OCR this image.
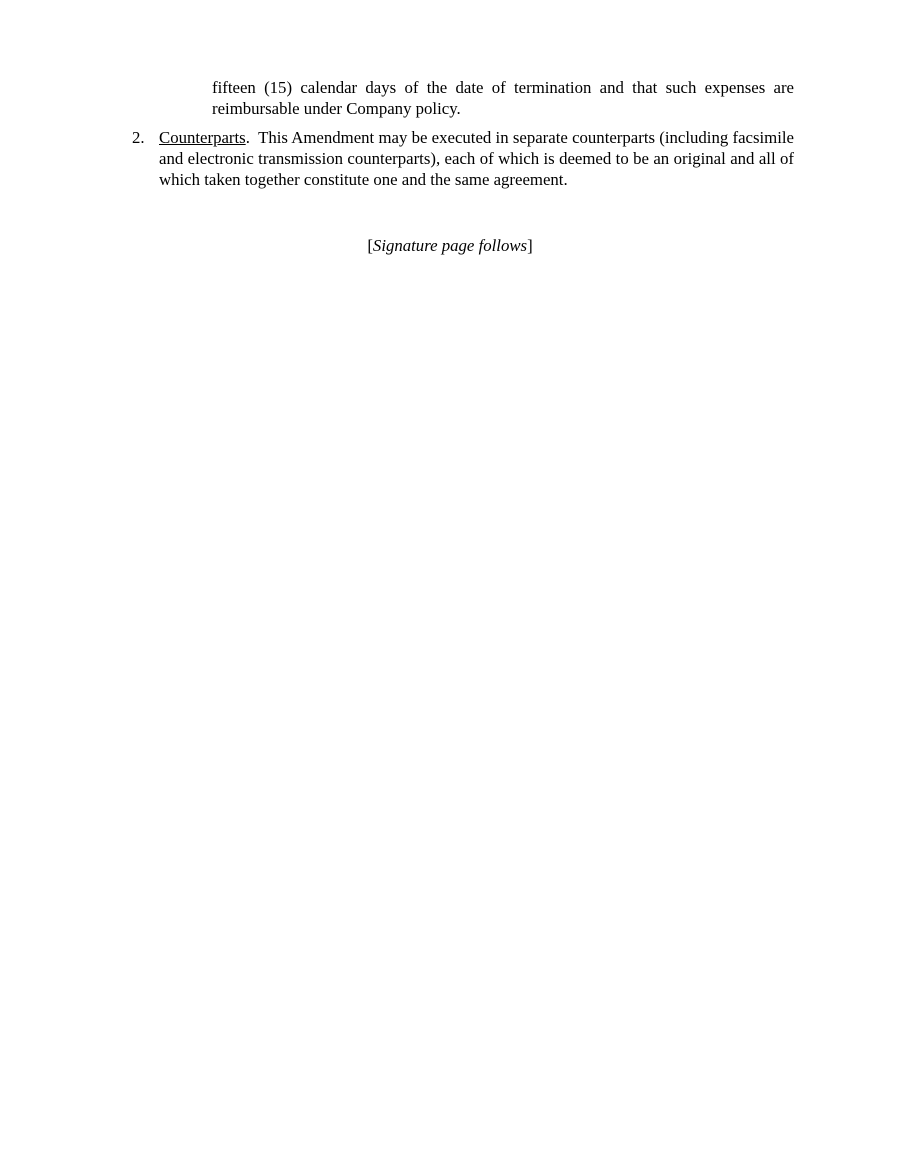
fifteen (15) calendar days of the date of termination and that such expenses are reimbursable under Company policy.

2. Counterparts. This Amendment may be executed in separate counterparts (including facsimile and electronic transmission counterparts), each of which is deemed to be an original and all of which taken together constitute one and the same agreement.

[Signature page follows]
